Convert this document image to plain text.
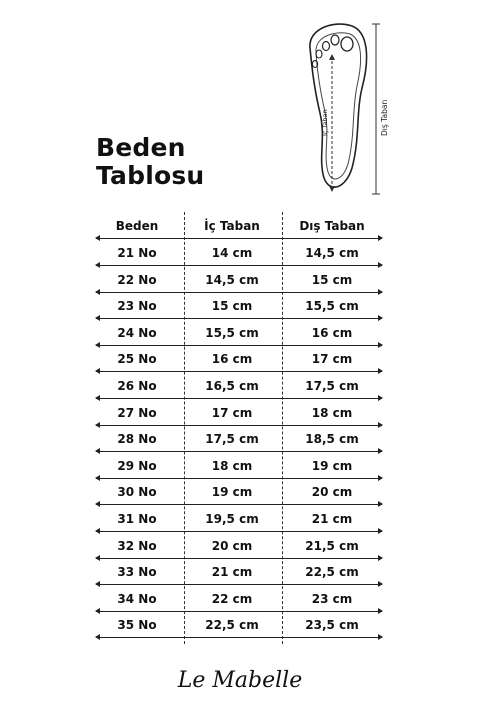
Beden
Tablosu
İç Taban	Dış Taban
Beden	İç Taban	Dış Taban
21 No	14 cm	14,5 cm
22 No	14,5 cm	15 cm
23 No	15 cm	15,5 cm
24 No	15,5 cm	16 cm
25 No	16 cm	17 cm
26 No	16,5 cm	17,5 cm
27 No	17 cm	18 cm
28 No	17,5 cm	18,5 cm
29 No	18 cm	19 cm
30 No	19 cm	20 cm
31 No	19,5 cm	21 cm
32 No	20 cm	21,5 cm
33 No	21 cm	22,5 cm
34 No	22 cm	23 cm
35 No	22,5 cm	23,5 cm
Le Mabelle
